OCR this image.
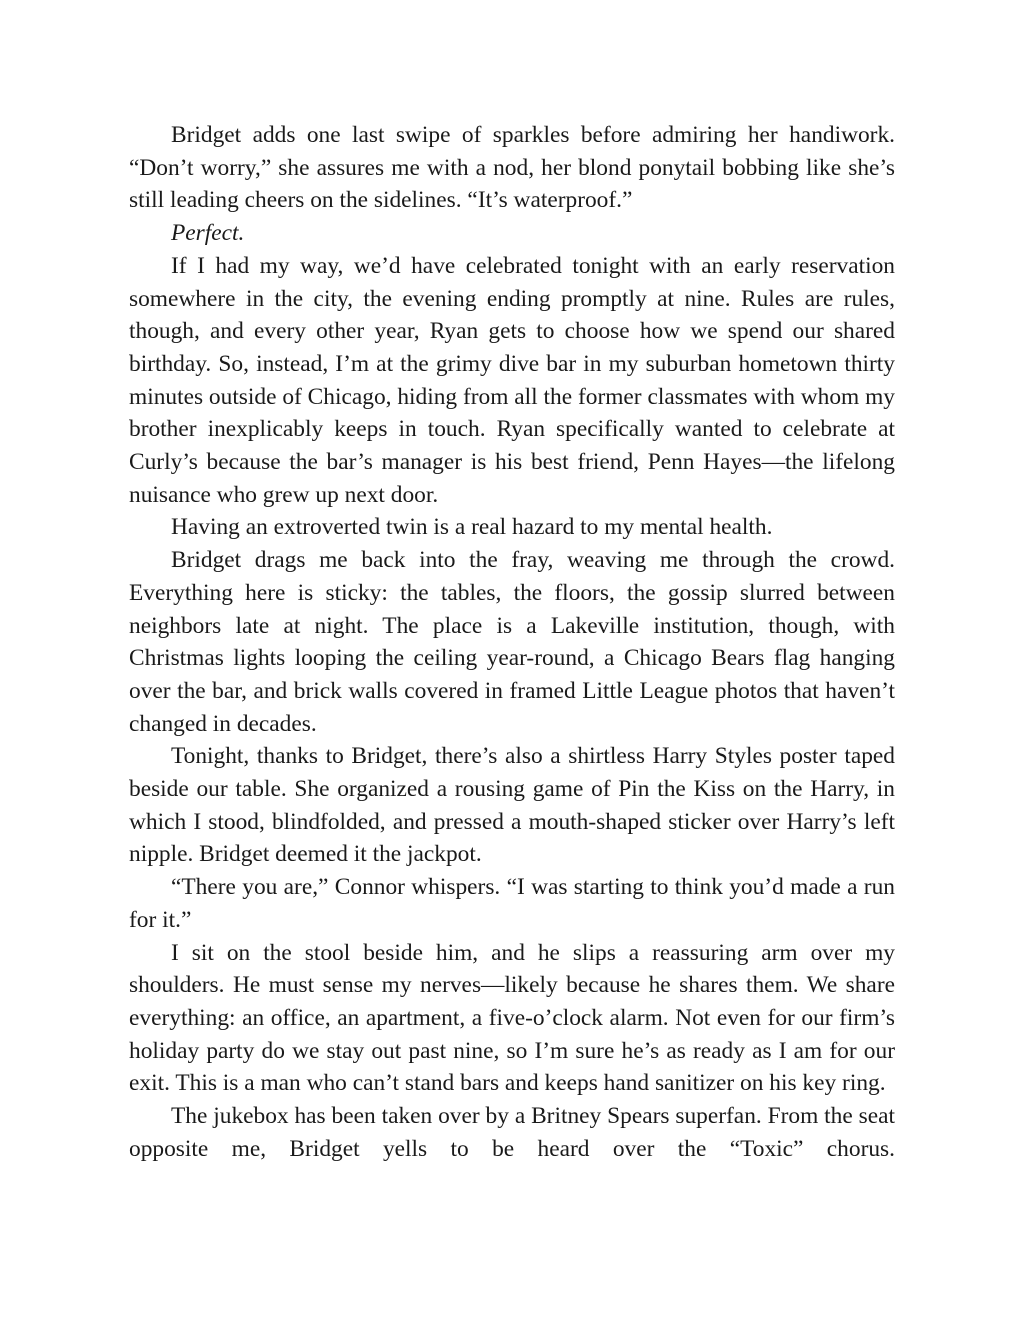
Bridget adds one last swipe of sparkles before admiring her handiwork. “Don’t worry,” she assures me with a nod, her blond ponytail bobbing like she’s still leading cheers on the sidelines. “It’s waterproof.”

Perfect.

If I had my way, we’d have celebrated tonight with an early reservation somewhere in the city, the evening ending promptly at nine. Rules are rules, though, and every other year, Ryan gets to choose how we spend our shared birthday. So, instead, I’m at the grimy dive bar in my suburban hometown thirty minutes outside of Chicago, hiding from all the former classmates with whom my brother inexplicably keeps in touch. Ryan specifically wanted to celebrate at Curly’s because the bar’s manager is his best friend, Penn Hayes—the lifelong nuisance who grew up next door.

Having an extroverted twin is a real hazard to my mental health.

Bridget drags me back into the fray, weaving me through the crowd. Everything here is sticky: the tables, the floors, the gossip slurred between neighbors late at night. The place is a Lakeville institution, though, with Christmas lights looping the ceiling year-round, a Chicago Bears flag hanging over the bar, and brick walls covered in framed Little League photos that haven’t changed in decades.

Tonight, thanks to Bridget, there’s also a shirtless Harry Styles poster taped beside our table. She organized a rousing game of Pin the Kiss on the Harry, in which I stood, blindfolded, and pressed a mouth-shaped sticker over Harry’s left nipple. Bridget deemed it the jackpot.

“There you are,” Connor whispers. “I was starting to think you’d made a run for it.”

I sit on the stool beside him, and he slips a reassuring arm over my shoulders. He must sense my nerves—likely because he shares them. We share everything: an office, an apartment, a five-o’clock alarm. Not even for our firm’s holiday party do we stay out past nine, so I’m sure he’s as ready as I am for our exit. This is a man who can’t stand bars and keeps hand sanitizer on his key ring.

The jukebox has been taken over by a Britney Spears superfan. From the seat opposite me, Bridget yells to be heard over the “Toxic” chorus.
